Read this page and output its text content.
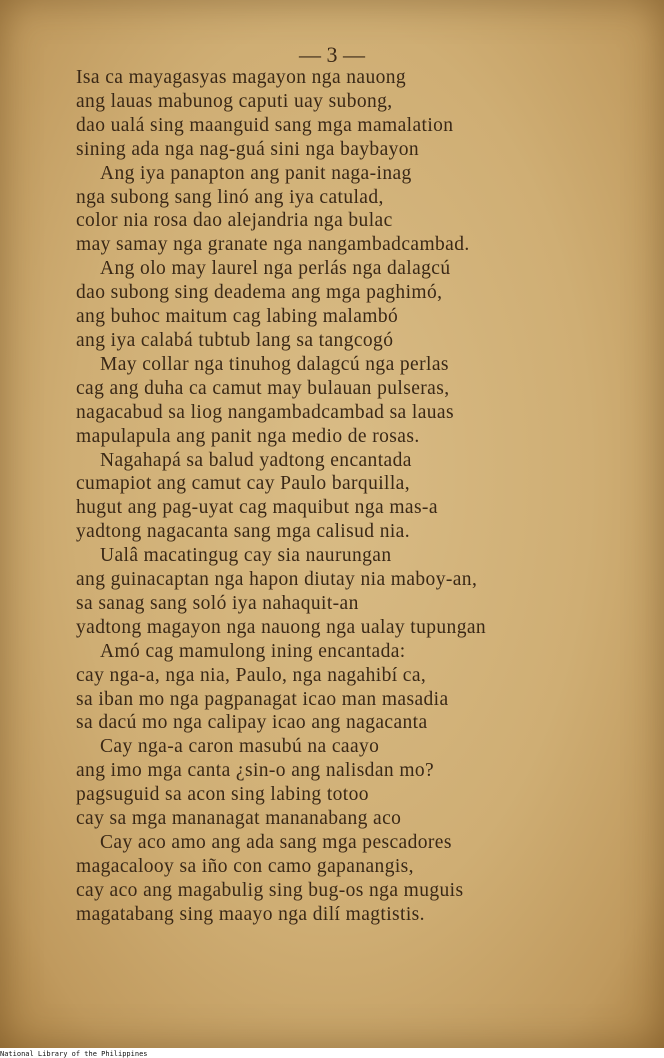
— 3 —
Isa ca mayagasyas magayon nga nauong
ang lauas mabunog caputi uay subong,
dao ualá sing maanguid sang mga mamalation
sining ada nga nag-guá sini nga baybayon
Ang iya panapton ang panit naga-inag
nga subong sang linó ang iya catulad,
color nia rosa dao alejandria nga bulac
may samay nga granate nga nangambadcambad.
Ang olo may laurel nga perlás nga dalagcú
dao subong sing deadema ang mga paghimó,
ang buhoc maitum cag labing malambó
ang iya calabá tubtub lang sa tangcogó
May collar nga tinuhog dalagcú nga perlas
cag ang duha ca camut may bulauan pulseras,
nagacabud sa liog nangambadcambad sa lauas
mapulapula ang panit nga medio de rosas.
Nagahapá sa balud yadtong encantada
cumapiot ang camut cay Paulo barquilla,
hugut ang pag-uyat cag maquibut nga mas-a
yadtong nagacanta sang mga calisud nia.
Ualâ macatingug cay sia naurungan
ang guinacaptan nga hapon diutay nia maboy-an,
sa sanag sang soló iya nahaquit-an
yadtong magayon nga nauong nga ualay tupungan
Amó cag mamulong ining encantada:
cay nga-a, nga nia, Paulo, nga nagahibí ca,
sa iban mo nga pagpanagat icao man masadia
sa dacú mo nga calipay icao ang nagacanta
Cay nga-a caron masubú na caayo
ang imo mga canta ¿sin-o ang nalisdan mo?
pagsuguid sa acon sing labing totoo
cay sa mga mananagat mananabang aco
Cay aco amo ang ada sang mga pescadores
magacalooy sa iño con camo gapanangis,
cay aco ang magabulig sing bug-os nga muguis
magatabang sing maayo nga dilí magtistis.
National Library of the Philippines
